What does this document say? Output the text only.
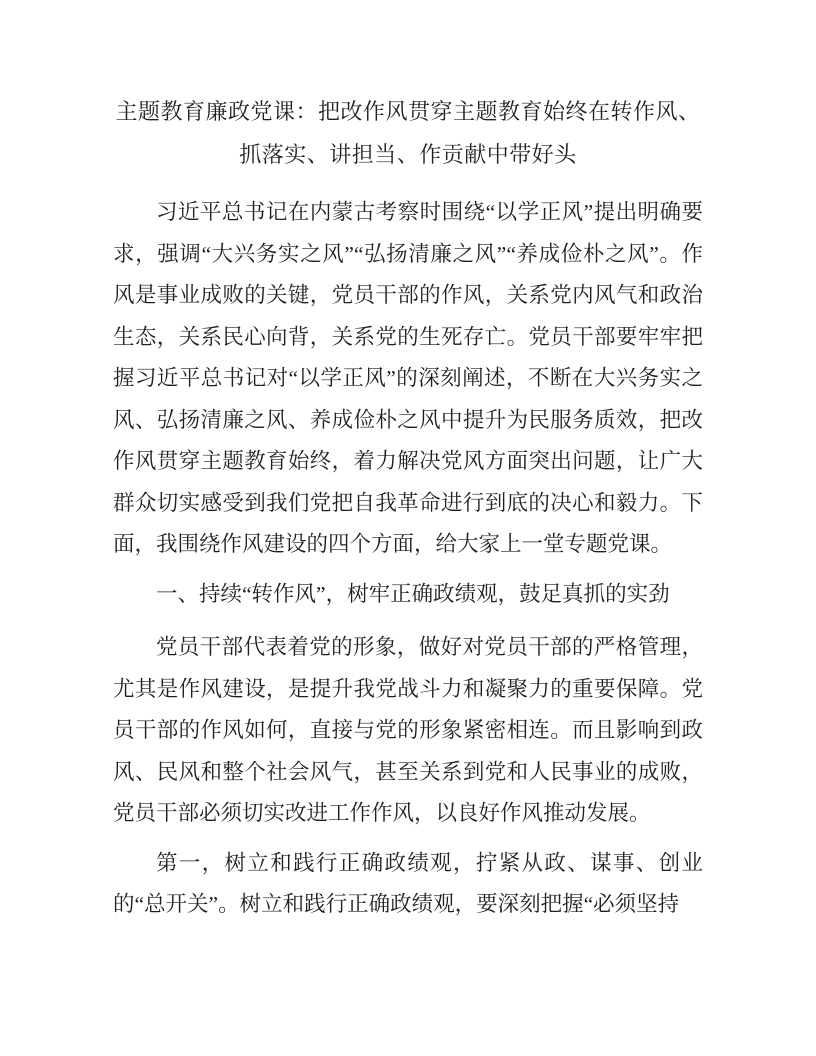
主题教育廉政党课：把改作风贯穿主题教育始终在转作风、抓落实、讲担当、作贡献中带好头

习近平总书记在内蒙古考察时围绕“以学正风”提出明确要求，强调“大兴务实之风”“弘扬清廉之风”“养成俭朴之风”。作风是事业成败的关键，党员干部的作风，关系党内风气和政治生态，关系民心向背，关系党的生死存亡。党员干部要牢牢把握习近平总书记对“以学正风”的深刻阐述，不断在大兴务实之风、弘扬清廉之风、养成俭朴之风中提升为民服务质效，把改作风贯穿主题教育始终，着力解决党风方面突出问题，让广大群众切实感受到我们党把自我革命进行到底的决心和毅力。下面，我围绕作风建设的四个方面，给大家上一堂专题党课。

一、持续“转作风”，树牢正确政绩观，鼓足真抓的实劲

党员干部代表着党的形象，做好对党员干部的严格管理，尤其是作风建设，是提升我党战斗力和凝聚力的重要保障。党员干部的作风如何，直接与党的形象紧密相连。而且影响到政风、民风和整个社会风气，甚至关系到党和人民事业的成败，党员干部必须切实改进工作作风，以良好作风推动发展。

第一，树立和践行正确政绩观，拧紧从政、谋事、创业的“总开关”。树立和践行正确政绩观，要深刻把握“必须坚持
